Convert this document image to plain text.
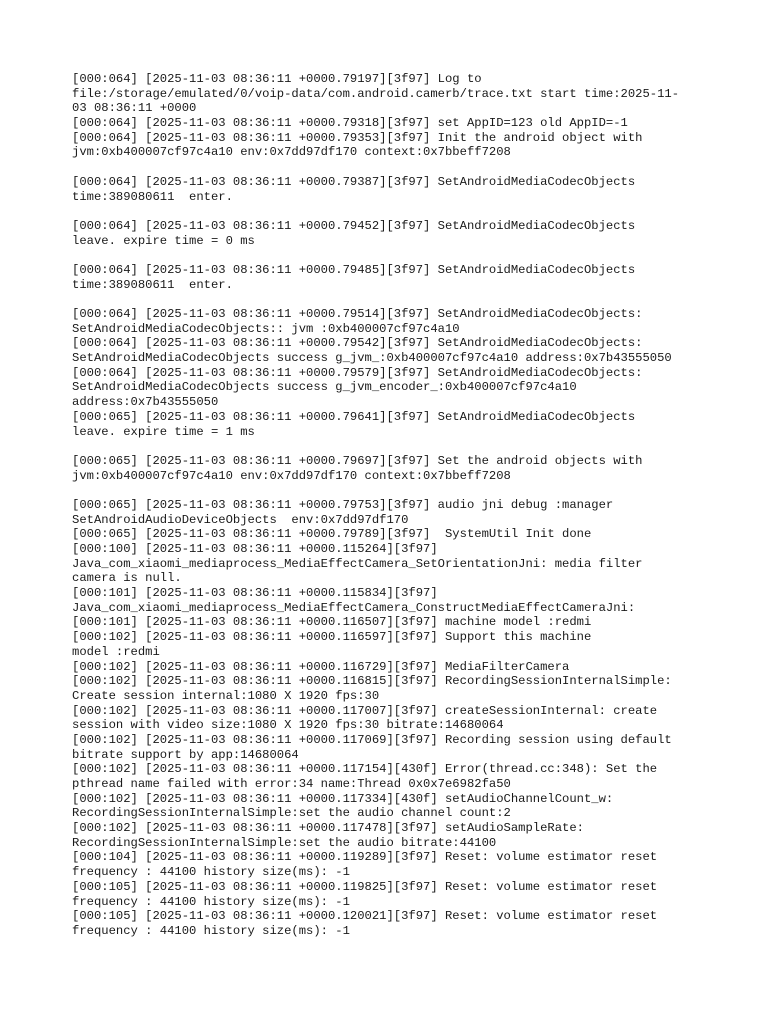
[000:064] [2025-11-03 08:36:11 +0000.79197][3f97] Log to
file:/storage/emulated/0/voip-data/com.android.camerb/trace.txt start time:2025-11-
03 08:36:11 +0000
[000:064] [2025-11-03 08:36:11 +0000.79318][3f97] set AppID=123 old AppID=-1
[000:064] [2025-11-03 08:36:11 +0000.79353][3f97] Init the android object with
jvm:0xb400007cf97c4a10 env:0x7dd97df170 context:0x7bbeff7208
[000:064] [2025-11-03 08:36:11 +0000.79387][3f97] SetAndroidMediaCodecObjects
time:389080611  enter.
[000:064] [2025-11-03 08:36:11 +0000.79452][3f97] SetAndroidMediaCodecObjects
leave. expire time = 0 ms
[000:064] [2025-11-03 08:36:11 +0000.79485][3f97] SetAndroidMediaCodecObjects
time:389080611  enter.
[000:064] [2025-11-03 08:36:11 +0000.79514][3f97] SetAndroidMediaCodecObjects:
SetAndroidMediaCodecObjects:: jvm :0xb400007cf97c4a10
[000:064] [2025-11-03 08:36:11 +0000.79542][3f97] SetAndroidMediaCodecObjects:
SetAndroidMediaCodecObjects success g_jvm_:0xb400007cf97c4a10 address:0x7b43555050
[000:064] [2025-11-03 08:36:11 +0000.79579][3f97] SetAndroidMediaCodecObjects:
SetAndroidMediaCodecObjects success g_jvm_encoder_:0xb400007cf97c4a10
address:0x7b43555050
[000:065] [2025-11-03 08:36:11 +0000.79641][3f97] SetAndroidMediaCodecObjects
leave. expire time = 1 ms
[000:065] [2025-11-03 08:36:11 +0000.79697][3f97] Set the android objects with
jvm:0xb400007cf97c4a10 env:0x7dd97df170 context:0x7bbeff7208
[000:065] [2025-11-03 08:36:11 +0000.79753][3f97] audio jni debug :manager
SetAndroidAudioDeviceObjects  env:0x7dd97df170
[000:065] [2025-11-03 08:36:11 +0000.79789][3f97]  SystemUtil Init done
[000:100] [2025-11-03 08:36:11 +0000.115264][3f97]
Java_com_xiaomi_mediaprocess_MediaEffectCamera_SetOrientationJni: media filter
camera is null.
[000:101] [2025-11-03 08:36:11 +0000.115834][3f97]
Java_com_xiaomi_mediaprocess_MediaEffectCamera_ConstructMediaEffectCameraJni:
[000:101] [2025-11-03 08:36:11 +0000.116507][3f97] machine model :redmi
[000:102] [2025-11-03 08:36:11 +0000.116597][3f97] Support this machine
model :redmi
[000:102] [2025-11-03 08:36:11 +0000.116729][3f97] MediaFilterCamera
[000:102] [2025-11-03 08:36:11 +0000.116815][3f97] RecordingSessionInternalSimple:
Create session internal:1080 X 1920 fps:30
[000:102] [2025-11-03 08:36:11 +0000.117007][3f97] createSessionInternal: create
session with video size:1080 X 1920 fps:30 bitrate:14680064
[000:102] [2025-11-03 08:36:11 +0000.117069][3f97] Recording session using default
bitrate support by app:14680064
[000:102] [2025-11-03 08:36:11 +0000.117154][430f] Error(thread.cc:348): Set the
pthread name failed with error:34 name:Thread 0x0x7e6982fa50
[000:102] [2025-11-03 08:36:11 +0000.117334][430f] setAudioChannelCount_w:
RecordingSessionInternalSimple:set the audio channel count:2
[000:102] [2025-11-03 08:36:11 +0000.117478][3f97] setAudioSampleRate:
RecordingSessionInternalSimple:set the audio bitrate:44100
[000:104] [2025-11-03 08:36:11 +0000.119289][3f97] Reset: volume estimator reset
frequency : 44100 history size(ms): -1
[000:105] [2025-11-03 08:36:11 +0000.119825][3f97] Reset: volume estimator reset
frequency : 44100 history size(ms): -1
[000:105] [2025-11-03 08:36:11 +0000.120021][3f97] Reset: volume estimator reset
frequency : 44100 history size(ms): -1
